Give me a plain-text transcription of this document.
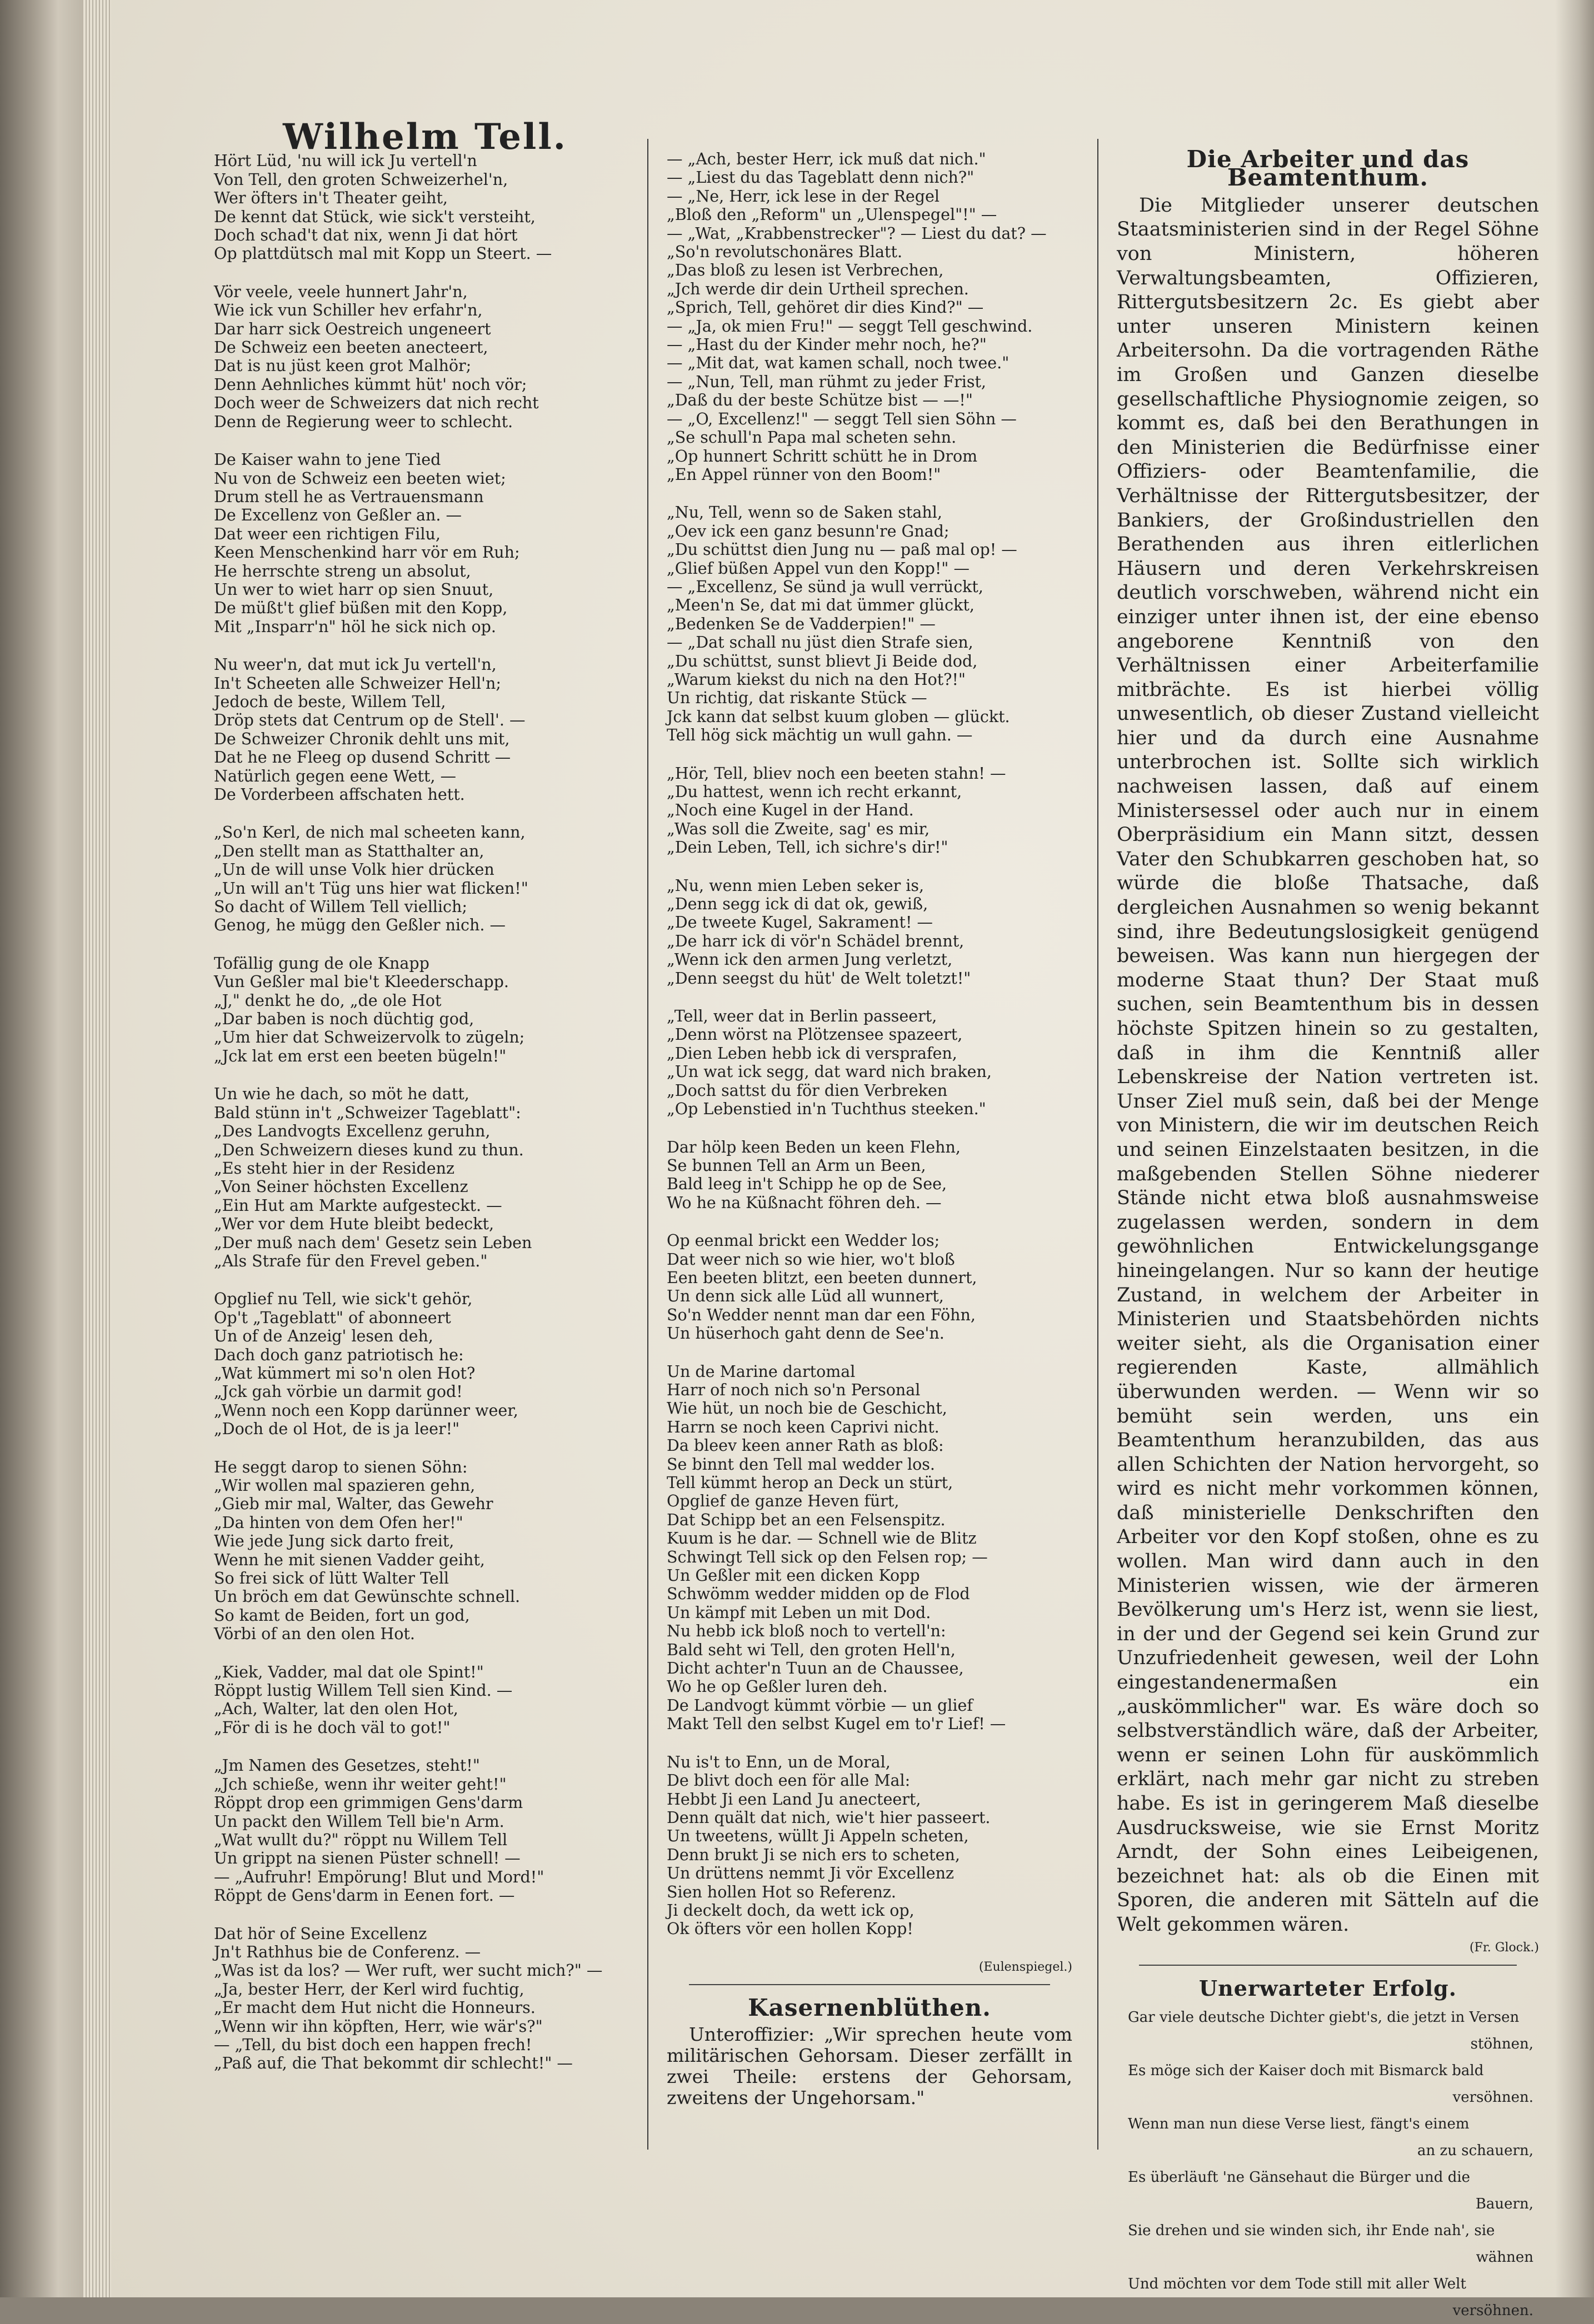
Wilhelm Tell.

Hört Lüd, 'nu will ick Ju vertell'n

Von Tell, den groten Schweizerhel'n,

Wer öfters in't Theater geiht,

De kennt dat Stück, wie sick't versteiht,

Doch schad't dat nix, wenn Ji dat hört

Op plattdütsch mal mit Kopp un Steert. —

Vör veele, veele hunnert Jahr'n,

Wie ick vun Schiller hev erfahr'n,

Dar harr sick Oestreich ungeneert

De Schweiz een beeten anecteert,

Dat is nu jüst keen grot Malhör;

Denn Aehnliches kümmt hüt' noch vör;

Doch weer de Schweizers dat nich recht

Denn de Regierung weer to schlecht.

De Kaiser wahn to jene Tied

Nu von de Schweiz een beeten wiet;

Drum stell he as Vertrauensmann

De Excellenz von Geßler an. —

Dat weer een richtigen Filu,

Keen Menschenkind harr vör em Ruh;

He herrschte streng un absolut,

Un wer to wiet harr op sien Snuut,

De müßt't glief büßen mit den Kopp,

Mit „Insparr'n" höl he sick nich op.

Nu weer'n, dat mut ick Ju vertell'n,

In't Scheeten alle Schweizer Hell'n;

Jedoch de beste, Willem Tell,

Dröp stets dat Centrum op de Stell'. —

De Schweizer Chronik dehlt uns mit,

Dat he ne Fleeg op dusend Schritt —

Natürlich gegen eene Wett, —

De Vorderbeen affschaten hett.

„So'n Kerl, de nich mal scheeten kann,

„Den stellt man as Statthalter an,

„Un de will unse Volk hier drücken

„Un will an't Tüg uns hier wat flicken!"

So dacht of Willem Tell viellich;

Genog, he mügg den Geßler nich. —

Tofällig gung de ole Knapp

Vun Geßler mal bie't Kleederschapp.

„J," denkt he do, „de ole Hot

„Dar baben is noch düchtig god,

„Um hier dat Schweizervolk to zügeln;

„Jck lat em erst een beeten bügeln!"

Un wie he dach, so möt he datt,

Bald stünn in't „Schweizer Tageblatt":

„Des Landvogts Excellenz geruhn,

„Den Schweizern dieses kund zu thun.

„Es steht hier in der Residenz

„Von Seiner höchsten Excellenz

„Ein Hut am Markte aufgesteckt. —

„Wer vor dem Hute bleibt bedeckt,

„Der muß nach dem' Gesetz sein Leben

„Als Strafe für den Frevel geben."

Opglief nu Tell, wie sick't gehör,

Op't „Tageblatt" of abonneert

Un of de Anzeig' lesen deh,

Dach doch ganz patriotisch he:

„Wat kümmert mi so'n olen Hot?

„Jck gah vörbie un darmit god!

„Wenn noch een Kopp darünner weer,

„Doch de ol Hot, de is ja leer!"

He seggt darop to sienen Söhn:

„Wir wollen mal spazieren gehn,

„Gieb mir mal, Walter, das Gewehr

„Da hinten von dem Ofen her!"

Wie jede Jung sick darto freit,

Wenn he mit sienen Vadder geiht,

So frei sick of lütt Walter Tell

Un bröch em dat Gewünschte schnell.

So kamt de Beiden, fort un god,

Vörbi of an den olen Hot.

„Kiek, Vadder, mal dat ole Spint!"

Röppt lustig Willem Tell sien Kind. —

„Ach, Walter, lat den olen Hot,

„För di is he doch väl to got!"

„Jm Namen des Gesetzes, steht!"

„Jch schieße, wenn ihr weiter geht!"

Röppt drop een grimmigen Gens'darm

Un packt den Willem Tell bie'n Arm.

„Wat wullt du?" röppt nu Willem Tell

Un grippt na sienen Püster schnell! —

— „Aufruhr! Empörung! Blut und Mord!"

Röppt de Gens'darm in Eenen fort. —

Dat hör of Seine Excellenz

Jn't Rathhus bie de Conferenz. —

„Was ist da los? — Wer ruft, wer sucht mich?" —

„Ja, bester Herr, der Kerl wird fuchtig,

„Er macht dem Hut nicht die Honneurs.

„Wenn wir ihn köpften, Herr, wie wär's?"

— „Tell, du bist doch een happen frech!

„Paß auf, die That bekommt dir schlecht!" —

— „Ach, bester Herr, ick muß dat nich."

— „Liest du das Tageblatt denn nich?"

— „Ne, Herr, ick lese in der Regel

„Bloß den „Reform" un „Ulenspegel"!" —

— „Wat, „Krabbenstrecker"? — Liest du dat? —

„So'n revolutschonäres Blatt.

„Das bloß zu lesen ist Verbrechen,

„Jch werde dir dein Urtheil sprechen.

„Sprich, Tell, gehöret dir dies Kind?" —

— „Ja, ok mien Fru!" — seggt Tell geschwind.

— „Hast du der Kinder mehr noch, he?"

— „Mit dat, wat kamen schall, noch twee."

— „Nun, Tell, man rühmt zu jeder Frist,

„Daß du der beste Schütze bist — —!"

— „O, Excellenz!" — seggt Tell sien Söhn —

„Se schull'n Papa mal scheten sehn.

„Op hunnert Schritt schütt he in Drom

„En Appel rünner von den Boom!"

„Nu, Tell, wenn so de Saken stahl,

„Oev ick een ganz besunn're Gnad;

„Du schüttst dien Jung nu — paß mal op! —

„Glief büßen Appel vun den Kopp!" —

— „Excellenz, Se sünd ja wull verrückt,

„Meen'n Se, dat mi dat ümmer glückt,

„Bedenken Se de Vadderpien!" —

— „Dat schall nu jüst dien Strafe sien,

„Du schüttst, sunst blievt Ji Beide dod,

„Warum kiekst du nich na den Hot?!"

Un richtig, dat riskante Stück —

Jck kann dat selbst kuum globen — glückt.

Tell hög sick mächtig un wull gahn. —

„Hör, Tell, bliev noch een beeten stahn! —

„Du hattest, wenn ich recht erkannt,

„Noch eine Kugel in der Hand.

„Was soll die Zweite, sag' es mir,

„Dein Leben, Tell, ich sichre's dir!"

„Nu, wenn mien Leben seker is,

„Denn segg ick di dat ok, gewiß,

„De tweete Kugel, Sakrament! —

„De harr ick di vör'n Schädel brennt,

„Wenn ick den armen Jung verletzt,

„Denn seegst du hüt' de Welt toletzt!"

„Tell, weer dat in Berlin passeert,

„Denn wörst na Plötzensee spazeert,

„Dien Leben hebb ick di versprafen,

„Un wat ick segg, dat ward nich braken,

„Doch sattst du för dien Verbreken

„Op Lebenstied in'n Tuchthus steeken."

Dar hölp keen Beden un keen Flehn,

Se bunnen Tell an Arm un Been,

Bald leeg in't Schipp he op de See,

Wo he na Küßnacht föhren deh. —

Op eenmal brickt een Wedder los;

Dat weer nich so wie hier, wo't bloß

Een beeten blitzt, een beeten dunnert,

Un denn sick alle Lüd all wunnert,

So'n Wedder nennt man dar een Föhn,

Un hüserhoch gaht denn de See'n.

Un de Marine dartomal

Harr of noch nich so'n Personal

Wie hüt, un noch bie de Geschicht,

Harrn se noch keen Caprivi nicht.

Da bleev keen anner Rath as bloß:

Se binnt den Tell mal wedder los.

Tell kümmt herop an Deck un stürt,

Opglief de ganze Heven fürt,

Dat Schipp bet an een Felsenspitz.

Kuum is he dar. — Schnell wie de Blitz

Schwingt Tell sick op den Felsen rop; —

Un Geßler mit een dicken Kopp

Schwömm wedder midden op de Flod

Un kämpf mit Leben un mit Dod.

Nu hebb ick bloß noch to vertell'n:

Bald seht wi Tell, den groten Hell'n,

Dicht achter'n Tuun an de Chaussee,

Wo he op Geßler luren deh.

De Landvogt kümmt vörbie — un glief

Makt Tell den selbst Kugel em to'r Lief! —

Nu is't to Enn, un de Moral,

De blivt doch een för alle Mal:

Hebbt Ji een Land Ju anecteert,

Denn quält dat nich, wie't hier passeert.

Un tweetens, wüllt Ji Appeln scheten,

Denn brukt Ji se nich ers to scheten,

Un drüttens nemmt Ji vör Excellenz

Sien hollen Hot so Referenz.

Ji deckelt doch, da wett ick op,

Ok öfters vör een hollen Kopp!

(Eulenspiegel.)
Kasernenblüthen.

Unteroffizier: „Wir sprechen heute vom militärischen Gehorsam. Dieser zerfällt in zwei Theile: erstens der Gehorsam, zweitens der Ungehorsam."

Die Arbeiter und das Beamtenthum.

Die Mitglieder unserer deutschen Staatsministerien sind in der Regel Söhne von Ministern, höheren Verwaltungsbeamten, Offizieren, Rittergutsbesitzern 2c. Es giebt aber unter unseren Ministern keinen Arbeitersohn. Da die vortragenden Räthe im Großen und Ganzen dieselbe gesellschaftliche Physiognomie zeigen, so kommt es, daß bei den Berathungen in den Ministerien die Bedürfnisse einer Offiziers- oder Beamtenfamilie, die Verhältnisse der Rittergutsbesitzer, der Bankiers, der Großindustriellen den Berathenden aus ihren eitlerlichen Häusern und deren Verkehrskreisen deutlich vorschweben, während nicht ein einziger unter ihnen ist, der eine ebenso angeborene Kenntniß von den Verhältnissen einer Arbeiterfamilie mitbrächte. Es ist hierbei völlig unwesentlich, ob dieser Zustand vielleicht hier und da durch eine Ausnahme unterbrochen ist. Sollte sich wirklich nachweisen lassen, daß auf einem Ministersessel oder auch nur in einem Oberpräsidium ein Mann sitzt, dessen Vater den Schubkarren geschoben hat, so würde die bloße Thatsache, daß dergleichen Ausnahmen so wenig bekannt sind, ihre Bedeutungslosigkeit genügend beweisen. Was kann nun hiergegen der moderne Staat thun? Der Staat muß suchen, sein Beamtenthum bis in dessen höchste Spitzen hinein so zu gestalten, daß in ihm die Kenntniß aller Lebenskreise der Nation vertreten ist. Unser Ziel muß sein, daß bei der Menge von Ministern, die wir im deutschen Reich und seinen Einzelstaaten besitzen, in die maßgebenden Stellen Söhne niederer Stände nicht etwa bloß ausnahmsweise zugelassen werden, sondern in dem gewöhnlichen Entwickelungsgange hineingelangen. Nur so kann der heutige Zustand, in welchem der Arbeiter in Ministerien und Staatsbehörden nichts weiter sieht, als die Organisation einer regierenden Kaste, allmählich überwunden werden. — Wenn wir so bemüht sein werden, uns ein Beamtenthum heranzubilden, das aus allen Schichten der Nation hervorgeht, so wird es nicht mehr vorkommen können, daß ministerielle Denkschriften den Arbeiter vor den Kopf stoßen, ohne es zu wollen. Man wird dann auch in den Ministerien wissen, wie der ärmeren Bevölkerung um's Herz ist, wenn sie liest, in der und der Gegend sei kein Grund zur Unzufriedenheit gewesen, weil der Lohn eingestandenermaßen ein „auskömmlicher" war. Es wäre doch so selbstverständlich wäre, daß der Arbeiter, wenn er seinen Lohn für auskömmlich erklärt, nach mehr gar nicht zu streben habe. Es ist in geringerem Maß dieselbe Ausdrucksweise, wie sie Ernst Moritz Arndt, der Sohn eines Leibeigenen, bezeichnet hat: als ob die Einen mit Sporen, die anderen mit Sätteln auf die Welt gekommen wären.

(Fr. Glock.)
Unerwarteter Erfolg.

Gar viele deutsche Dichter giebt's, die jetzt in Versen

stöhnen,

Es möge sich der Kaiser doch mit Bismarck bald

versöhnen.

Wenn man nun diese Verse liest, fängt's einem

an zu schauern,

Es überläuft 'ne Gänsehaut die Bürger und die

Bauern,

Sie drehen und sie winden sich, ihr Ende nah', sie

wähnen

Und möchten vor dem Tode still mit aller Welt

versöhnen.
